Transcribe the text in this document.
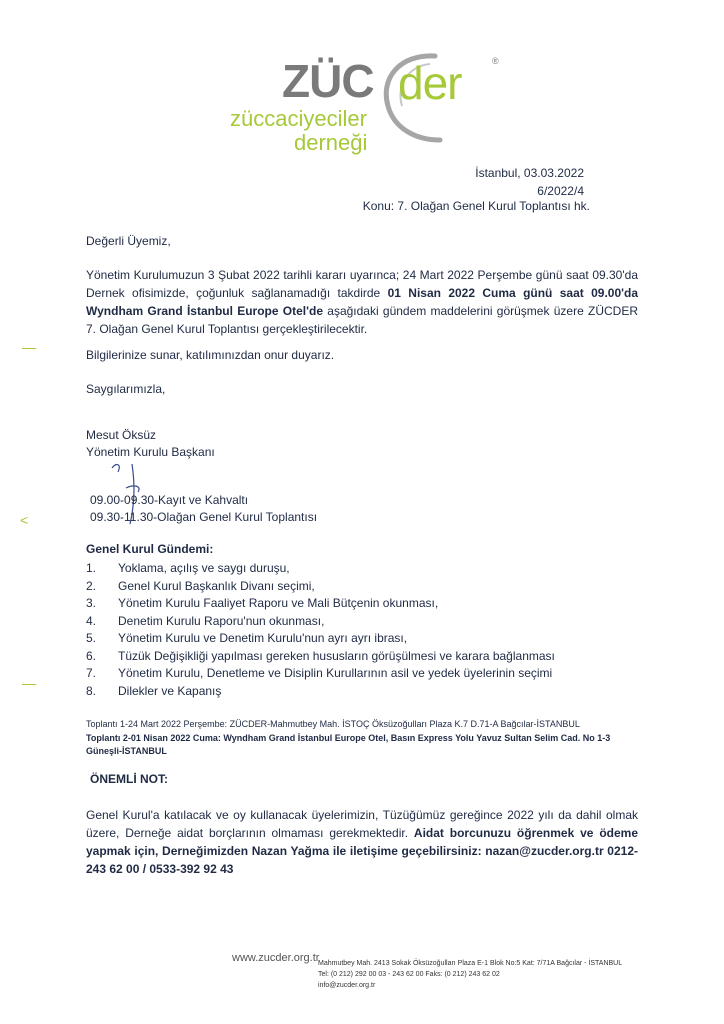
ZÜC der	®
züccaciyeciler
derneği
İstanbul, 03.03.2022
6/2022/4
Konu: 7. Olağan Genel Kurul Toplantısı hk.
Değerli Üyemiz,
Yönetim Kurulumuzun 3 Şubat 2022 tarihli kararı uyarınca; 24 Mart 2022 Perşembe günü saat 09.30'da Dernek ofisimizde, çoğunluk sağlanamadığı takdirde 01 Nisan 2022 Cuma günü saat 09.00'da Wyndham Grand İstanbul Europe Otel'de aşağıdaki gündem maddelerini görüşmek üzere ZÜCDER 7. Olağan Genel Kurul Toplantısı gerçekleştirilecektir.
Bilgilerinize sunar, katılımınızdan onur duyarız.
Saygılarımızla,
Mesut Öksüz
Yönetim Kurulu Başkanı
09.00-09.30-Kayıt ve Kahvaltı
09.30-11.30-Olağan Genel Kurul Toplantısı
Genel Kurul Gündemi:
1.	Yoklama, açılış ve saygı duruşu,
2.	Genel Kurul Başkanlık Divanı seçimi,
3.	Yönetim Kurulu Faaliyet Raporu ve Mali Bütçenin okunması,
4.	Denetim Kurulu Raporu'nun okunması,
5.	Yönetim Kurulu ve Denetim Kurulu'nun ayrı ayrı ibrası,
6.	Tüzük Değişikliği yapılması gereken hususların görüşülmesi ve karara bağlanması
7.	Yönetim Kurulu, Denetleme ve Disiplin Kurullarının asil ve yedek üyelerinin seçimi
8.	Dilekler ve Kapanış
Toplantı 1-24 Mart 2022 Perşembe: ZÜCDER-Mahmutbey Mah. İSTOÇ Öksüzoğulları Plaza K.7 D.71-A Bağcılar-İSTANBUL
Toplantı 2-01 Nisan 2022 Cuma: Wyndham Grand İstanbul Europe Otel, Basın Express Yolu Yavuz Sultan Selim Cad. No 1-3 Güneşli-İSTANBUL
ÖNEMLİ NOT:
Genel Kurul'a katılacak ve oy kullanacak üyelerimizin, Tüzüğümüz gereğince 2022 yılı da dahil olmak üzere, Derneğe aidat borçlarının olmaması gerekmektedir. Aidat borcunuzu öğrenmek ve ödeme yapmak için, Derneğimizden Nazan Yağma ile iletişime geçebilirsiniz: nazan@zucder.org.tr 0212-243 62 00 / 0533-392 92 43
www.zucder.org.tr
Mahmutbey Mah. 2413 Sokak Öksüzoğulları Plaza E-1 Blok No:5 Kat: 7/71A Bağcılar - İSTANBUL
Tel: (0 212) 292 00 03 - 243 62 00 Faks: (0 212) 243 62 02
info@zucder.org.tr
<
